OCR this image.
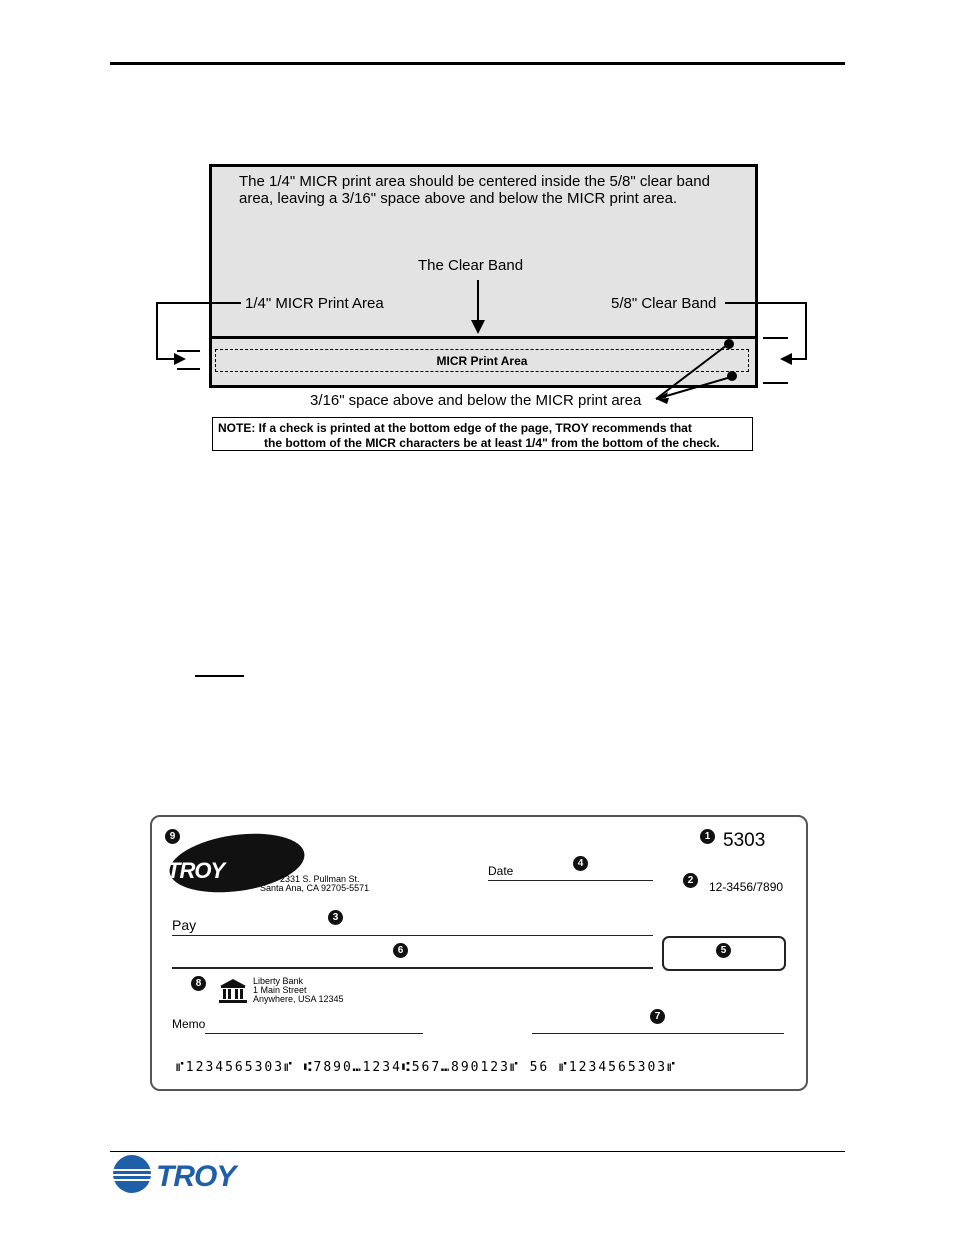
The 1/4" MICR print area should be centered inside the 5/8" clear band
area, leaving a 3/16" space above and below the MICR print area.
The Clear Band
1/4" MICR Print Area	5/8" Clear Band
MICR Print Area
3/16" space above and below the MICR print area
NOTE: If a check is printed at the bottom edge of the page, TROY recommends that
the bottom of the MICR characters be at least 1/4" from the bottom of the check.
TROY	2331 S. Pullman St.
Santa Ana, CA 92705-5571
9	1 5303
Date
4
2	12-3456/7890
3
Pay
6	5
8	Liberty Bank
1 Main Street
Anywhere, USA 12345
Memo
7
⑈1234565303⑈ ⑆7890⑉1234⑆567⑉890123⑈ 56 ⑈1234565303⑈
TROY
